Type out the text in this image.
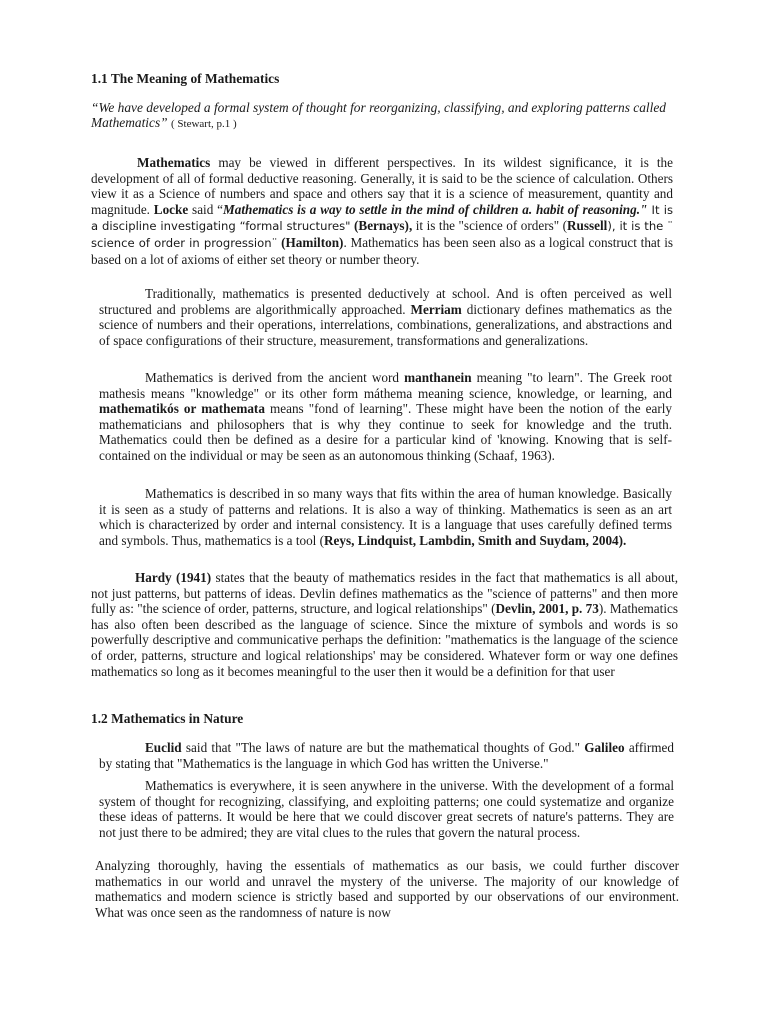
1.1 The Meaning of Mathematics

“We have developed a formal system of thought for reorganizing, classifying, and exploring patterns called Mathematics” ( Stewart, p.1 )

Mathematics may be viewed in different perspectives. In its wildest significance, it is the development of all of formal deductive reasoning. Generally, it is said to be the science of calculation. Others view it as a Science of numbers and space and others say that it is a science of measurement, quantity and magnitude. Locke said “Mathematics is a way to settle in the mind of children a. habit of reasoning." It is a discipline investigating “formal structures" (Bernays), it is the "science of orders" (Russell), it is the ¨ science of order in progression¨ (Hamilton). Mathematics has been seen also as a logical construct that is based on a lot of axioms of either set theory or number theory.

Traditionally, mathematics is presented deductively at school. And is often perceived as well structured and problems are algorithmically approached. Merriam dictionary defines mathematics as the science of numbers and their operations, interrelations, combinations, generalizations, and abstractions and of space configurations of their structure, measurement, transformations and generalizations.

Mathematics is derived from the ancient word manthanein meaning "to learn". The Greek root mathesis means "knowledge" or its other form máthema meaning science, knowledge, or learning, and mathematikós or mathemata means "fond of learning". These might have been the notion of the early mathematicians and philosophers that is why they continue to seek for knowledge and the truth. Mathematics could then be defined as a desire for a particular kind of 'knowing. Knowing that is self-contained on the individual or may be seen as an autonomous thinking (Schaaf, 1963).

Mathematics is described in so many ways that fits within the area of human knowledge. Basically it is seen as a study of patterns and relations. It is also a way of thinking. Mathematics is seen as an art which is characterized by order and internal consistency. It is a language that uses carefully defined terms and symbols. Thus, mathematics is a tool (Reys, Lindquist, Lambdin, Smith and Suydam, 2004).

Hardy (1941) states that the beauty of mathematics resides in the fact that mathematics is all about, not just patterns, but patterns of ideas. Devlin defines mathematics as the "science of patterns" and then more fully as: "the science of order, patterns, structure, and logical relationships" (Devlin, 2001, p. 73). Mathematics has also often been described as the language of science. Since the mixture of symbols and words is so powerfully descriptive and communicative perhaps the definition: "mathematics is the language of the science of order, patterns, structure and logical relationships' may be considered. Whatever form or way one defines mathematics so long as it becomes meaningful to the user then it would be a definition for that user

1.2 Mathematics in Nature

Euclid said that "The laws of nature are but the mathematical thoughts of God." Galileo affirmed by stating that "Mathematics is the language in which God has written the Universe."

Mathematics is everywhere, it is seen anywhere in the universe. With the development of a formal system of thought for recognizing, classifying, and exploiting patterns; one could systematize and organize these ideas of patterns. It would be here that we could discover great secrets of nature's patterns. They are not just there to be admired; they are vital clues to the rules that govern the natural process.

Analyzing thoroughly, having the essentials of mathematics as our basis, we could further discover mathematics in our world and unravel the mystery of the universe. The majority of our knowledge of mathematics and modern science is strictly based and supported by our observations of our environment. What was once seen as the randomness of nature is now
